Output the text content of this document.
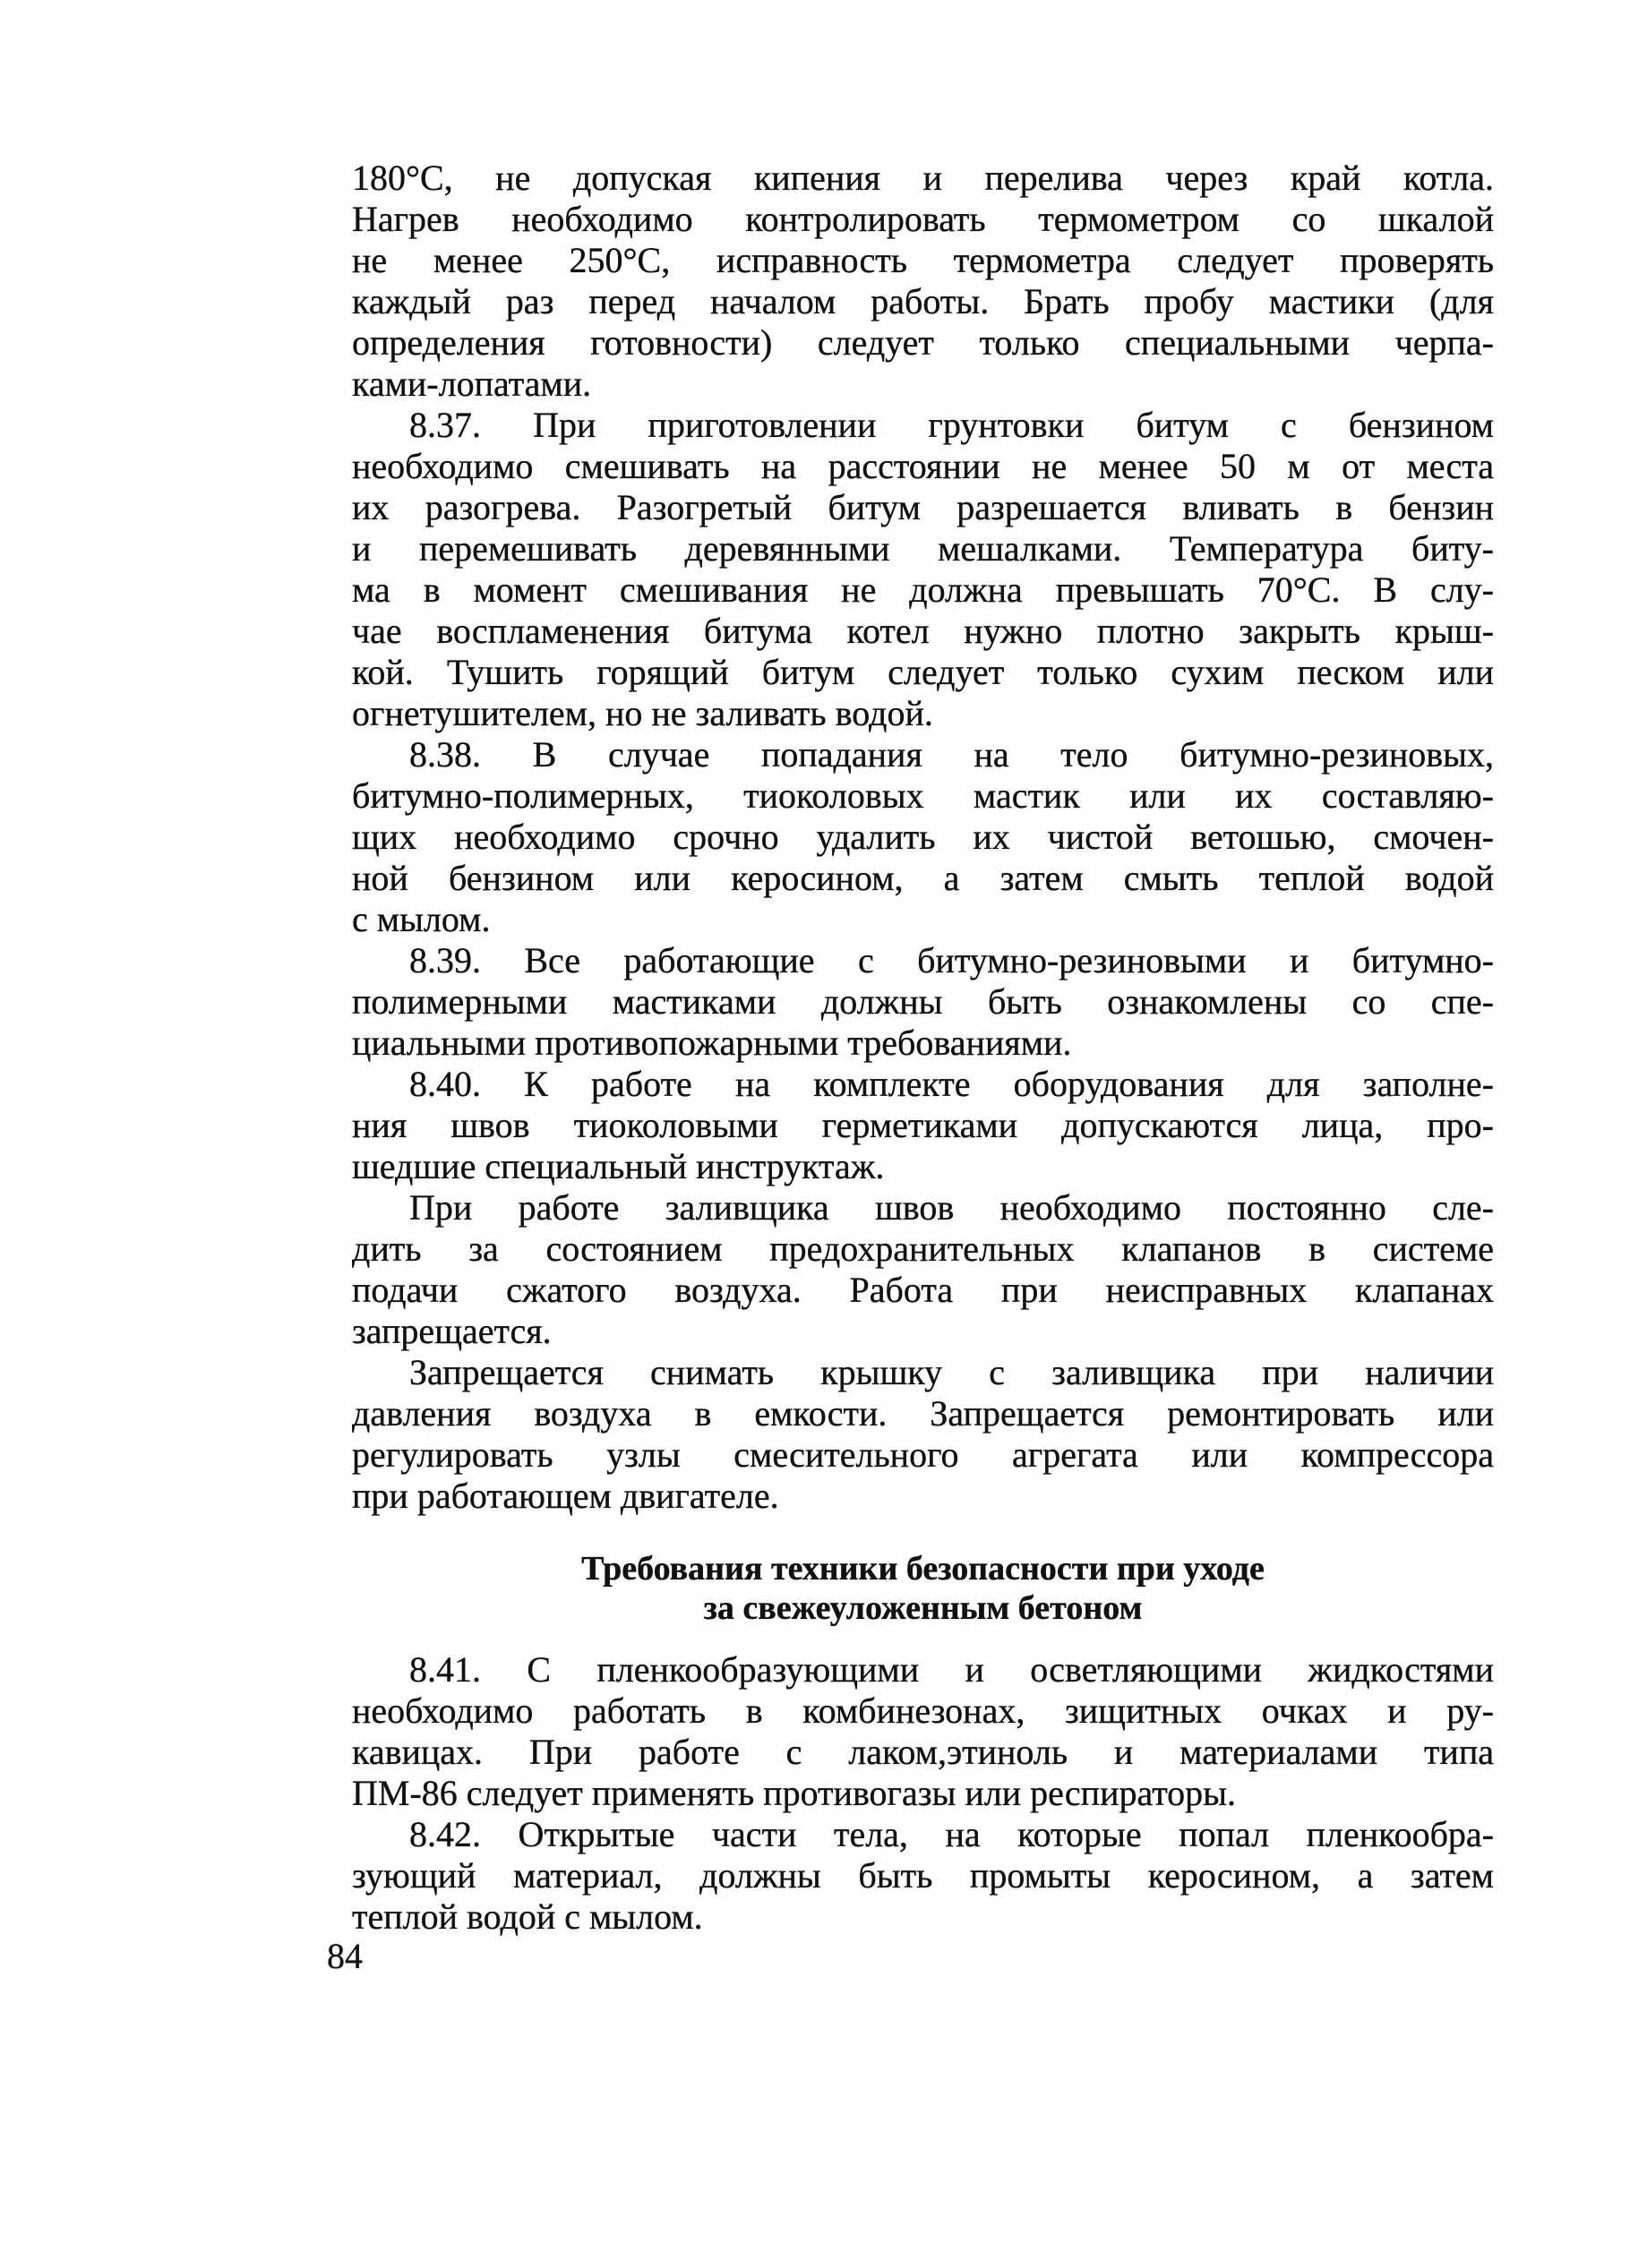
180°С, не допуская кипения и перелива через край котла.
Нагрев необходимо контролировать термометром со шкалой
не менее 250°С, исправность термометра следует проверять
каждый раз перед началом работы. Брать пробу мастики (для
определения готовности) следует только специальными черпа-
ками-лопатами.
8.37. При приготовлении грунтовки битум с бензином
необходимо смешивать на расстоянии не менее 50 м от места
их разогрева. Разогретый битум разрешается вливать в бензин
и перемешивать деревянными мешалками. Температура биту-
ма в момент смешивания не должна превышать 70°С. В слу-
чае воспламенения битума котел нужно плотно закрыть крыш-
кой. Тушить горящий битум следует только сухим песком или
огнетушителем, но не заливать водой.
8.38. В случае попадания на тело битумно-резиновых,
битумно-полимерных, тиоколовых мастик или их составляю-
щих необходимо срочно удалить их чистой ветошью, смочен-
ной бензином или керосином, а затем смыть теплой водой
с мылом.
8.39. Все работающие с битумно-резиновыми и битумно-
полимерными мастиками должны быть ознакомлены со спе-
циальными противопожарными требованиями.
8.40. К работе на комплекте оборудования для заполне-
ния швов тиоколовыми герметиками допускаются лица, про-
шедшие специальный инструктаж.
При работе заливщика швов необходимо постоянно сле-
дить за состоянием предохранительных клапанов в системе
подачи сжатого воздуха. Работа при неисправных клапанах
запрещается.
Запрещается снимать крышку с заливщика при наличии
давления воздуха в емкости. Запрещается ремонтировать или
регулировать узлы смесительного агрегата или компрессора
при работающем двигателе.
Требования техники безопасности при уходе
за свежеуложенным бетоном
8.41. С пленкообразующими и осветляющими жидкостями
необходимо работать в комбинезонах, зищитных очках и ру-
кавицах. При работе с лаком,этиноль и материалами типа
ПМ-86 следует применять противогазы или респираторы.
8.42. Открытые части тела, на которые попал пленкообра-
зующий материал, должны быть промыты керосином, а затем
теплой водой с мылом.
84
